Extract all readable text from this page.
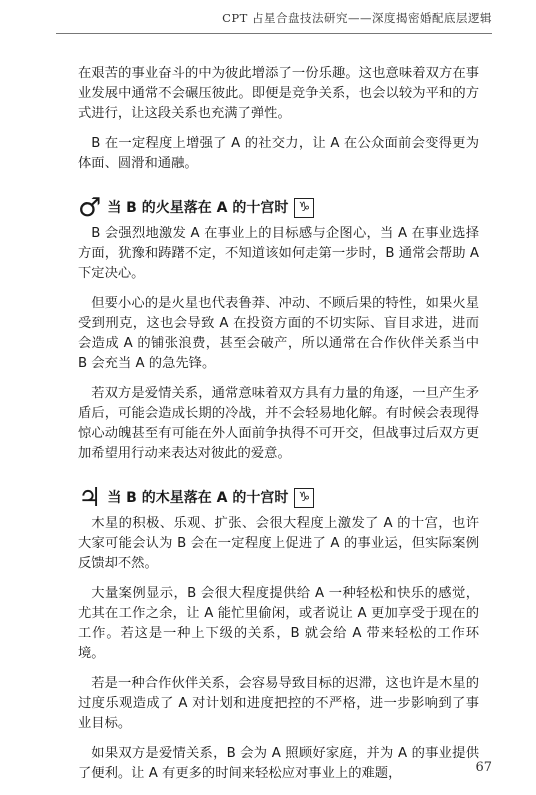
CPT 占星合盘技法研究——深度揭密婚配底层逻辑

在艰苦的事业奋斗的中为彼此增添了一份乐趣。这也意味着双方在事业发展中通常不会碾压彼此。即便是竞争关系，也会以较为平和的方式进行，让这段关系也充满了弹性。

B 在一定程度上增强了 A 的社交力，让 A 在公众面前会变得更为体面、圆滑和通融。

♂ 当 B 的火星落在 A 的十宫时 ♑

B 会强烈地激发 A 在事业上的目标感与企图心，当 A 在事业选择方面，犹豫和踌躇不定，不知道该如何走第一步时，B 通常会帮助 A 下定决心。

但要小心的是火星也代表鲁莽、冲动、不顾后果的特性，如果火星受到刑克，这也会导致 A 在投资方面的不切实际、盲目求进，进而会造成 A 的铺张浪费，甚至会破产，所以通常在合作伙伴关系当中 B 会充当 A 的急先锋。

若双方是爱情关系，通常意味着双方具有力量的角逐，一旦产生矛盾后，可能会造成长期的冷战，并不会轻易地化解。有时候会表现得惊心动魄甚至有可能在外人面前争执得不可开交，但战事过后双方更加希望用行动来表达对彼此的爱意。

♃ 当 B 的木星落在 A 的十宫时 ♑

木星的积极、乐观、扩张、会很大程度上激发了 A 的十宫，也许大家可能会认为 B 会在一定程度上促进了 A 的事业运，但实际案例反馈却不然。

大量案例显示，B 会很大程度提供给 A 一种轻松和快乐的感觉，尤其在工作之余，让 A 能忙里偷闲，或者说让 A 更加享受于现在的工作。若这是一种上下级的关系，B 就会给 A 带来轻松的工作环境。

若是一种合作伙伴关系，会容易导致目标的迟滞，这也许是木星的过度乐观造成了 A 对计划和进度把控的不严格，进一步影响到了事业目标。

如果双方是爱情关系，B 会为 A 照顾好家庭，并为 A 的事业提供了便利。让 A 有更多的时间来轻松应对事业上的难题，	67
